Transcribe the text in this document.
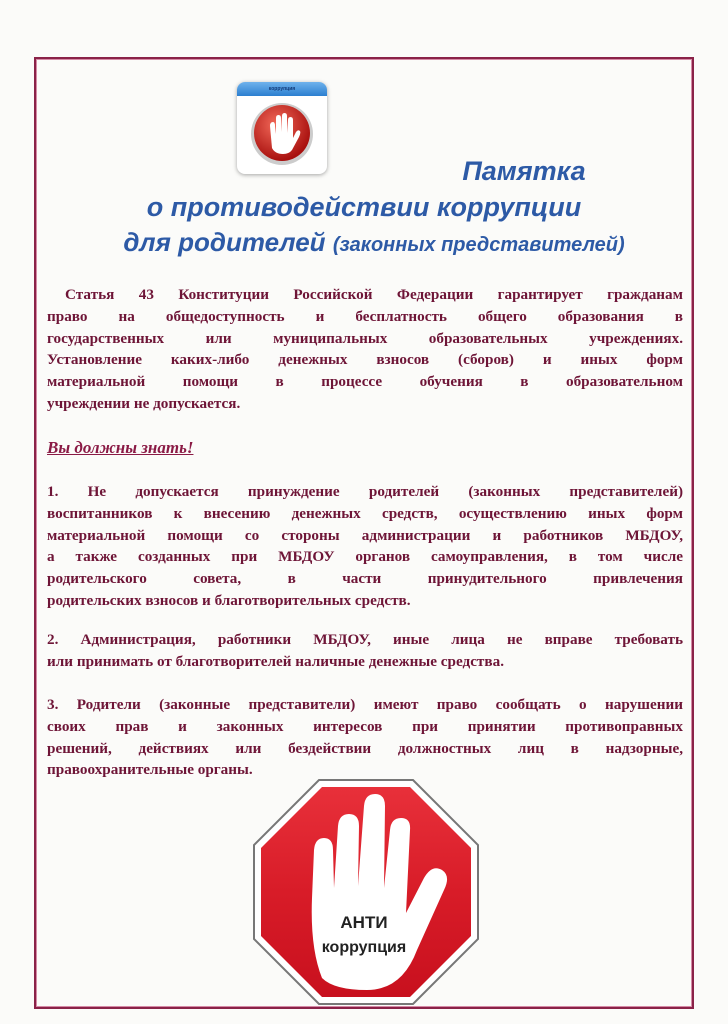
коррупция
Памятка
о противодействии коррупции
для родителей (законных представителей)
Статья 43 Конституции Российской Федерации гарантирует гражданам
право на общедоступность и бесплатность общего образования в
государственных или муниципальных образовательных учреждениях.
Установление каких-либо денежных взносов (сборов) и иных форм
материальной помощи в процессе обучения в образовательном
учреждении не допускается.
Вы должны знать!
1. Не допускается принуждение родителей (законных представителей)
воспитанников к внесению денежных средств, осуществлению иных форм
материальной помощи со стороны администрации и работников МБДОУ,
а также созданных при МБДОУ органов самоуправления, в том числе
родительского совета, в части принудительного привлечения
родительских взносов и благотворительных средств.
2. Администрация, работники МБДОУ, иные лица не вправе требовать
или принимать от благотворителей наличные денежные средства.
3. Родители (законные представители) имеют право сообщать о нарушении
своих прав и законных интересов при принятии противоправных
решений, действиях или бездействии должностных лиц в надзорные,
правоохранительные органы.
АНТИ
коррупция
